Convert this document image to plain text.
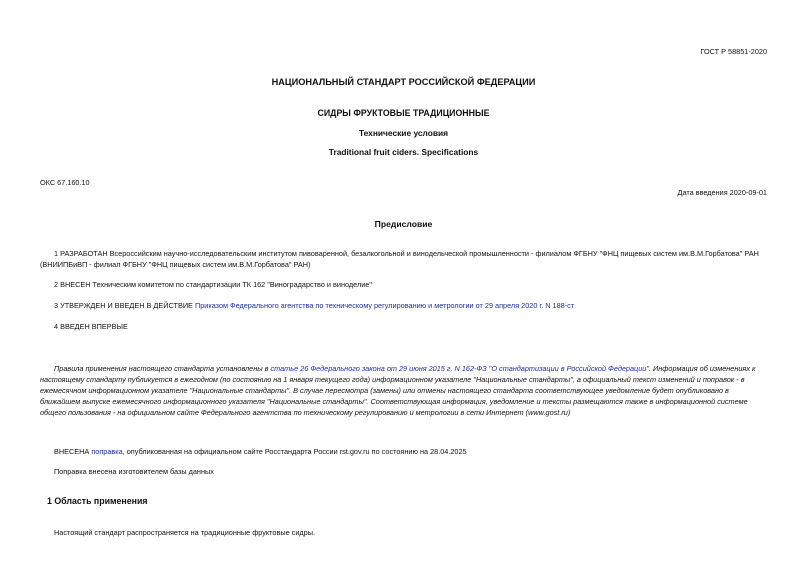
ГОСТ Р 58851-2020
НАЦИОНАЛЬНЫЙ СТАНДАРТ РОССИЙСКОЙ ФЕДЕРАЦИИ
СИДРЫ ФРУКТОВЫЕ ТРАДИЦИОННЫЕ
Технические условия
Traditional fruit ciders. Specifications
ОКС 67.160.10
Дата введения 2020-09-01
Предисловие
1 РАЗРАБОТАН Всероссийским научно-исследовательским институтом пивоваренной, безалкогольной и винодельческой промышленности - филиалом ФГБНУ "ФНЦ пищевых систем им.В.М.Горбатова" РАН
(ВНИИПБиВП - филиал ФГБНУ "ФНЦ пищевых систем им.В.М.Горбатова" РАН)
2 ВНЕСЕН Техническим комитетом по стандартизации ТК 162 "Виноградарство и виноделие"
3 УТВЕРЖДЕН И ВВЕДЕН В ДЕЙСТВИЕ Приказом Федерального агентства по техническому регулированию и метрологии от 29 апреля 2020 г. N 188-ст
4 ВВЕДЕН ВПЕРВЫЕ
Правила применения настоящего стандарта установлены в статье 26 Федерального закона от 29 июня 2015 г. N 162-ФЗ "О стандартизации в Российской Федерации". Информация об изменениях к
настоящему стандарту публикуется в ежегодном (по состоянию на 1 января текущего года) информационном указателе "Национальные стандарты", а официальный текст изменений и поправок - в
ежемесячном информационном указателе "Национальные стандарты". В случае пересмотра (замены) или отмены настоящего стандарта соответствующее уведомление будет опубликовано в
ближайшем выпуске ежемесячного информационного указателя "Национальные стандарты". Соответствующая информация, уведомление и тексты размещаются также в информационной системе
общего пользования - на официальном сайте Федерального агентства по техническому регулированию и метрологии в сети Интернет (www.gost.ru)
ВНЕСЕНА поправка, опубликованная на официальном сайте Росстандарта России rst.gov.ru по состоянию на 28.04.2025
Поправка внесена изготовителем базы данных
1 Область применения
Настоящий стандарт распространяется на традиционные фруктовые сидры.
